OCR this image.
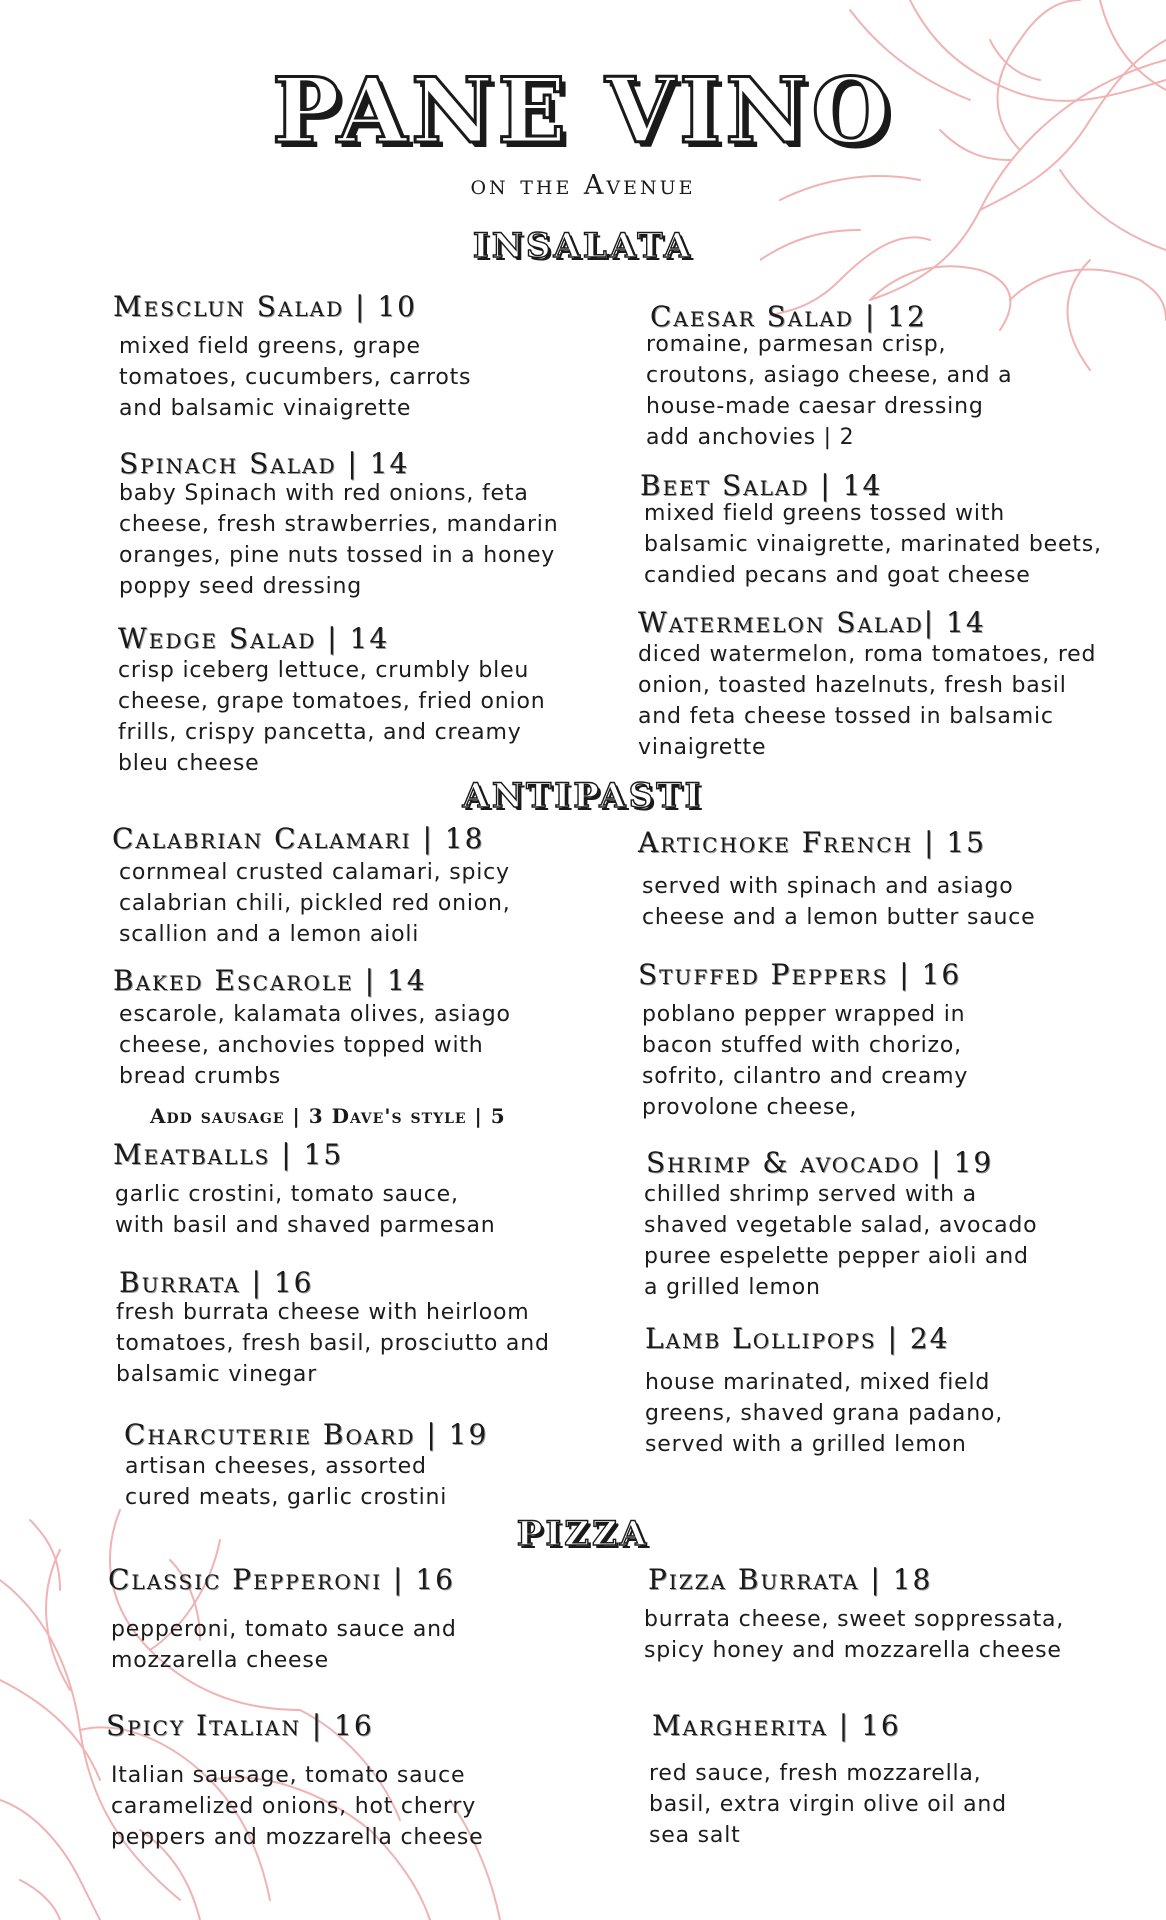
PANE VINO
on the Avenue
INSALATA
Mesclun Salad | 10
mixed field greens, grape
tomatoes, cucumbers, carrots
and balsamic vinaigrette
Caesar Salad | 12
romaine, parmesan crisp,
croutons, asiago cheese, and a
house-made caesar dressing
add anchovies | 2
Spinach Salad | 14
baby Spinach with red onions, feta
cheese, fresh strawberries, mandarin
oranges, pine nuts tossed in a honey
poppy seed dressing
Beet Salad | 14
mixed field greens tossed with
balsamic vinaigrette, marinated beets,
candied pecans and goat cheese
Wedge Salad | 14
crisp iceberg lettuce, crumbly bleu
cheese, grape tomatoes, fried onion
frills, crispy pancetta, and creamy
bleu cheese
Watermelon Salad| 14
diced watermelon, roma tomatoes, red
onion, toasted hazelnuts, fresh basil
and feta cheese tossed in balsamic
vinaigrette
ANTIPASTI
Calabrian Calamari | 18
cornmeal crusted calamari, spicy
calabrian chili, pickled red onion,
scallion and a lemon aioli
Artichoke French | 15
served with spinach and asiago
cheese and a lemon butter sauce
Baked Escarole | 14
escarole, kalamata olives, asiago
cheese, anchovies topped with
bread crumbs
Add sausage | 3 Dave's style | 5
Stuffed Peppers | 16
poblano pepper wrapped in
bacon stuffed with chorizo,
sofrito, cilantro and creamy
provolone cheese,
Meatballs | 15
garlic crostini, tomato sauce,
with basil and shaved parmesan
Shrimp & avocado | 19
chilled shrimp served with a
shaved vegetable salad, avocado
puree espelette pepper aioli and
a grilled lemon
Burrata | 16
fresh burrata cheese with heirloom
tomatoes, fresh basil, prosciutto and
balsamic vinegar
Lamb Lollipops | 24
house marinated, mixed field
greens, shaved grana padano,
served with a grilled lemon
Charcuterie Board | 19
artisan cheeses, assorted
cured meats, garlic crostini
PIZZA
Classic Pepperoni | 16
pepperoni, tomato sauce and
mozzarella cheese
Pizza Burrata | 18
burrata cheese, sweet soppressata,
spicy honey and mozzarella cheese
Spicy Italian | 16
Italian sausage, tomato sauce
caramelized onions, hot cherry
peppers and mozzarella cheese
Margherita | 16
red sauce, fresh mozzarella,
basil, extra virgin olive oil and
sea salt
